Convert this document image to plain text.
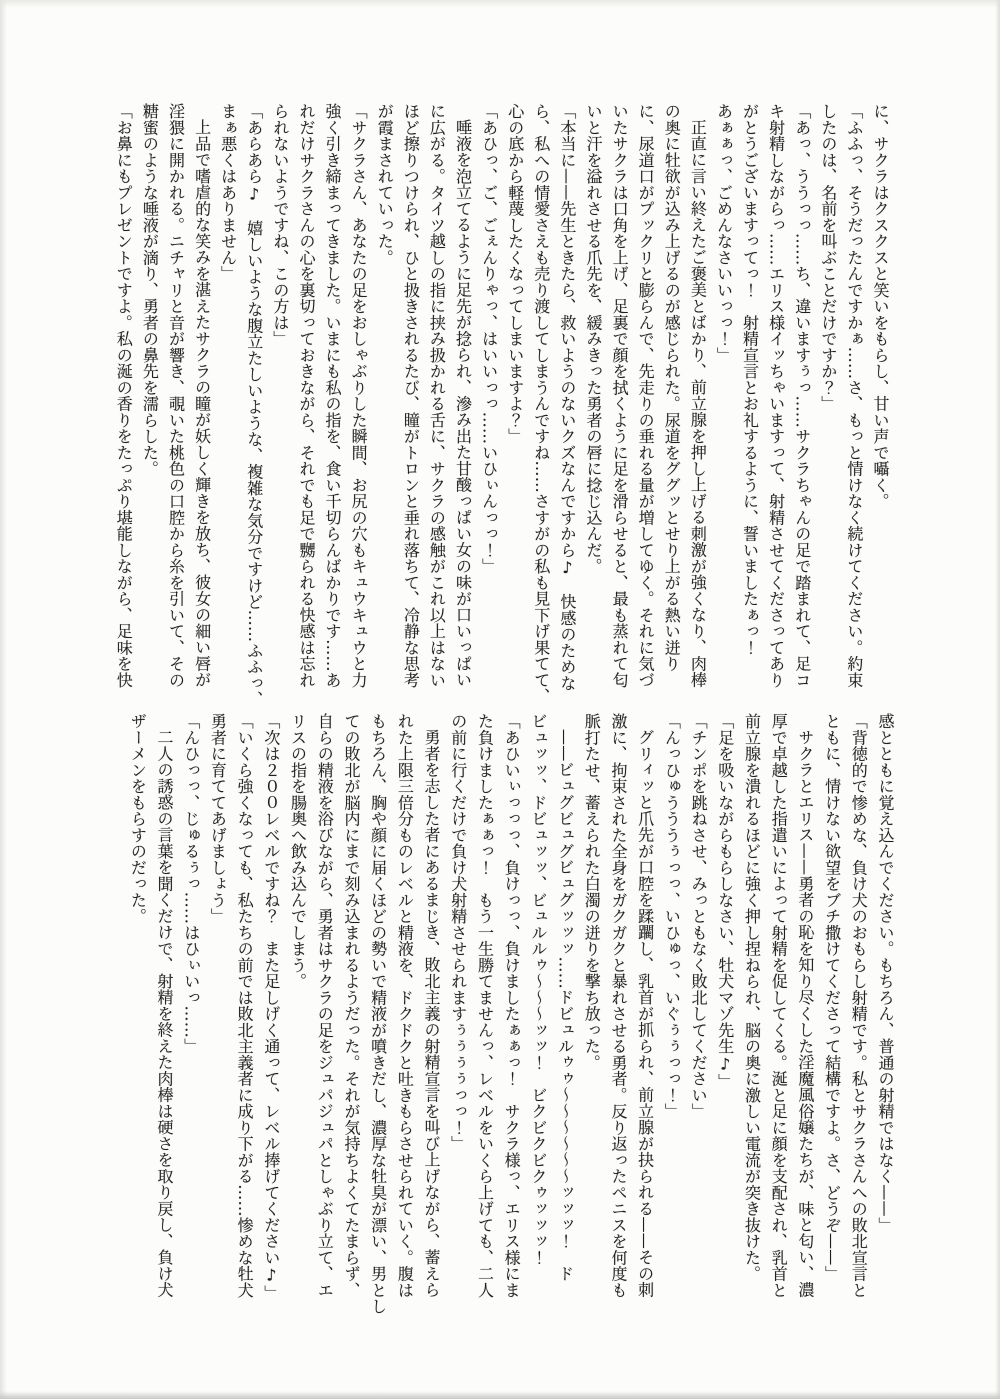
に、サクラはクスクスと笑いをもらし、甘い声で囁く。
「ふふっ、そうだったんですかぁ……さ、もっと情けなく続けてください。約束
したのは、名前を叫ぶことだけですか？」
「あっ、ううっっ……ち、違いますぅっ……サクラちゃんの足で踏まれて、足コ
キ射精しながらっ……エリス様イッちゃいますって、射精させてくださってあり
がとうございますってっ！　射精宣言とお礼するように、誓いましたぁっ！
あぁぁっ、ごめんなさいいっっ！」
正直に言い終えたご褒美とばかり、前立腺を押し上げる刺激が強くなり、肉棒
の奥に牡欲が込み上げるのが感じられた。尿道をググッとせり上がる熱い迸り
に、尿道口がプックリと膨らんで、先走りの垂れる量が増してゆく。それに気づ
いたサクラは口角を上げ、足裏で顔を拭くように足を滑らせると、最も蒸れて匂
いと汗を溢れさせる爪先を、緩みきった勇者の唇に捻じ込んだ。
「本当に——先生ときたら、救いようのないクズなんですから♪　快感のためな
ら、私への情愛さえも売り渡してしまうんですね……さすがの私も見下げ果てて、
心の底から軽蔑したくなってしまいますよ？」
「あひっ、ご、ごぇんりゃっ、はいいっっ……いひぃんっっ！」
唾液を泡立てるように足先が捻られ、滲み出た甘酸っぱい女の味が口いっぱい
に広がる。タイツ越しの指に挟み扱かれる舌に、サクラの感触がこれ以上はない
ほど擦りつけられ、ひと扱きされるたび、瞳がトロンと垂れ落ちて、冷静な思考
が霞まされていった。
「サクラさん、あなたの足をおしゃぶりした瞬間、お尻の穴もキュウキュウと力
強く引き締まってきました。いまにも私の指を、食い千切らんばかりです……あ
れだけサクラさんの心を裏切っておきながら、それでも足で嬲られる快感は忘れ
られないようですね、この方は」
「あらあら♪　嬉しいような腹立たしいような、複雑な気分ですけど……ふふっ、
まぁ悪くはありません」
上品で嗜虐的な笑みを湛えたサクラの瞳が妖しく輝きを放ち、彼女の細い唇が
淫猥に開かれる。ニチャリと音が響き、覗いた桃色の口腔から糸を引いて、その
糖蜜のような唾液が滴り、勇者の鼻先を濡らした。
「お鼻にもプレゼントですよ。私の涎の香りをたっぷり堪能しながら、足味を快
感とともに覚え込んでください。もちろん、普通の射精ではなく——」
「背徳的で惨めな、負け犬のおもらし射精です。私とサクラさんへの敗北宣言と
ともに、情けない欲望をブチ撒けてくださって結構ですよ。さ、どうぞ——」
サクラとエリス——勇者の恥を知り尽くした淫魔風俗嬢たちが、味と匂い、濃
厚で卓越した指遣いによって射精を促してくる。涎と足に顔を支配され、乳首と
前立腺を潰れるほどに強く押し捏ねられ、脳の奥に激しい電流が突き抜けた。
「足を吸いながらもらしなさい、牡犬マゾ先生♪」
「チンポを跳ねさせ、みっともなく敗北してください」
「んっひゅうううぅっっ、いひゅっ、いぐぅぅっっ！」
グリィッと爪先が口腔を蹂躙し、乳首が抓られ、前立腺が抉られる——その刺
激に、拘束された全身をガクガクと暴れさせる勇者。反り返ったペニスを何度も
脈打たせ、蓄えられた白濁の迸りを撃ち放った。
——ビュグビュグビュグッッッ……ドビュルゥゥ〜〜〜〜〜〜ッッッ！　ド
ビュッッ、ドビュッッ、ビュルルゥ〜〜〜ッッ！　ビクビクビクゥッッッ！
「あひいぃっっっ、負けっっ、負けましたぁぁっ！　サクラ様っ、エリス様にま
た負けましたぁぁっ！　もう一生勝てませんっ、レベルをいくら上げても、二人
の前に行くだけで負け犬射精させられますぅぅぅぅっっ！」
勇者を志した者にあるまじき、敗北主義の射精宣言を叫び上げながら、蓄えら
れた上限三倍分ものレベルと精液を、ドクドクと吐きもらさせられていく。腹は
もちろん、胸や顔に届くほどの勢いで精液が噴きだし、濃厚な牡臭が漂い、男とし
ての敗北が脳内にまで刻み込まれるようだった。それが気持ちよくてたまらず、
自らの精液を浴びながら、勇者はサクラの足をジュパジュパとしゃぶり立て、エ
リスの指を腸奥へ飲み込んでしまう。
「次は２００レベルですね？　また足しげく通って、レベル捧げてください♪」
「いくら強くなっても、私たちの前では敗北主義者に成り下がる……惨めな牡犬
勇者に育ててあげましょう」
「んひっっ、じゅるぅっ……はひぃいっ……」
二人の誘惑の言葉を聞くだけで、射精を終えた肉棒は硬さを取り戻し、負け犬
ザーメンをもらすのだった。
